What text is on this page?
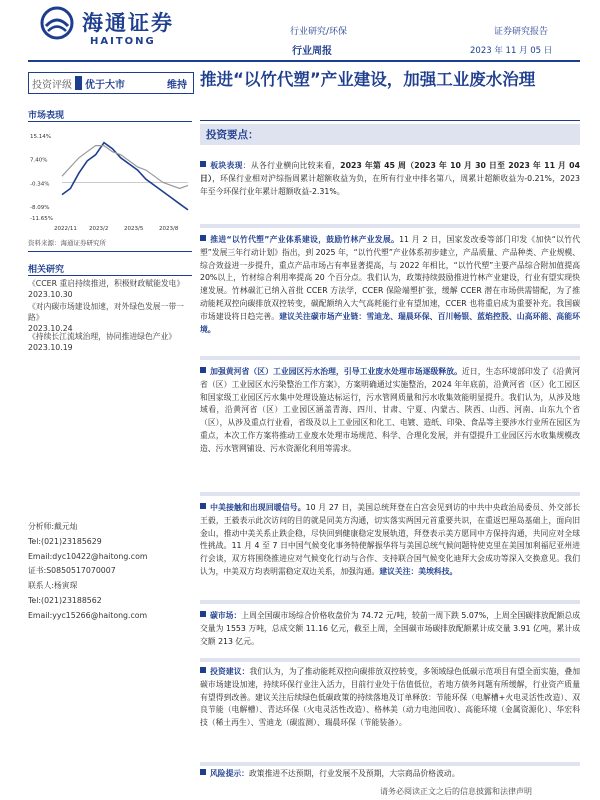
海通证券
HAITONG
行业研究/环保
行业周报
证券研究报告
2023 年 11 月 05 日
投资评级	优于大市	维持 推进“以竹代塑”产业建设，加强工业废水治理
市场表现
15.14%
7.40%
-0.34%
-8.09%
-11.65%
2022/11 2023/2	2023/5	2023/8
资料来源：海通证券研究所
相关研究
《CCER 重启持续推进，积极财政赋能发电》
2023.10.30
《对内碳市场建设加速，对外绿色发展一带一路》
2023.10.24
《持续长江流域治理，协同推进绿色产业》
2023.10.19
分析师:戴元灿
Tel:(021)23185629
Email:dyc10422@haitong.com
证书:S0850517070007
联系人:杨寅琛
Tel:(021)23188562
Email:yyc15266@haitong.com
投资要点：
板块表现：从各行业横向比较来看，2023 年第 45 周（2023 年 10 月 30 日至 2023 年 11 月 04 日），环保行业相对沪综指周累计超额收益为负，在所有行业中排名第八，周累计超额收益为-0.21%，2023 年至今环保行业年累计超额收益-2.31%。
推进“以竹代塑”产业体系建设，鼓励竹林产业发展。11 月 2 日，国家发改委等部门印发《加快“以竹代塑”发展三年行动计划》指出，到 2025 年，“以竹代塑”产业体系初步建立，产品质量、产品种类、产业规模、综合效益进一步提升，重点产品市场占有率显著提高，与 2022 年相比，“以竹代塑”主要产品综合附加值提高 20%以上，竹材综合利用率提高 20 个百分点。我们认为，政策持续鼓励推进竹林产业建设，行业有望实现快速发展。竹林碳汇已纳入首批 CCER 方法学，CCER 保险端塑扩张，缓解 CCER 潜在市场供需错配，为了推动能耗双控向碳排放双控转变，碳配额纳入大气高耗能行业有望加速，CCER 也将重启成为重要补充。我国碳市场建设将日趋完善。建议关注碳市场产业链：雪迪龙、瑞晨环保、百川畅银、蓝焰控股、山高环能、高能环境。
加强黄河省（区）工业园区污水治理，引导工业废水处理市场逐级释放。近日，生态环境部印发了《沿黄河省（区）工业园区水污染整治工作方案》，方案明确通过实施整治，2024 年年底前，沿黄河省（区）化工园区和国家级工业园区污水集中处理设施达标运行，污水管网质量和污水收集效能明显提升。我们认为，从涉及地域看，沿黄河省（区）工业园区涵盖青海、四川、甘肃、宁夏、内蒙古、陕西、山西、河南、山东九个省（区），从涉及重点行业看，省级及以上工业园区和化工、电镀、造纸、印染、食品等主要涉水行业所在园区为重点，本次工作方案将推动工业废水处理市场规范、科学、合理化发展，并有望提升工业园区污水收集规模改造、污水管网铺设、污水资源化利用等需求。
中美接触和出现回暖信号。10 月 27 日，美国总统拜登在白宫会见到访的中共中央政治局委员、外交部长王毅，王毅表示此次访问的目的就是同美方沟通，切实落实两国元首重要共识，在重返巴厘岛基础上，面向旧金山，推动中美关系止跌企稳，尽快回到健康稳定发展轨道，拜登表示美方愿同中方保持沟通，共同应对全球性挑战。11 月 4 至 7 日中国气候变化事务特使解振华将与美国总统气候问题特使克里在美国加利福尼亚州进行会谈，双方将围绕推进应对气候变化行动与合作、支持联合国气候变化迪拜大会成功等深入交换意见。我们认为，中美双方均表明需稳定双边关系，加强沟通。建议关注：美埃科技。
碳市场：上周全国碳市场综合价格收盘价为 74.72 元/吨，较前一周下跌 5.07%，上周全国碳排放配额总成交量为 1553 万吨，总成交额 11.16 亿元，截至上周，全国碳市场碳排放配额累计成交量 3.91 亿吨，累计成交额 213 亿元。
投资建议：我们认为，为了推动能耗双控向碳排放双控转变，多领域绿色低碳示范项目有望全面实施，叠加碳市场建设加速，持续环保行业注入活力，目前行业处于估值低位，若地方债务问题有所缓解，行业资产质量有望得到改善。建议关注后续绿色低碳政策的持续落地及订单释放：节能环保（电解槽+火电灵活性改造）、双良节能（电解槽）、青达环保（火电灵活性改造）、格林美（动力电池回收）、高能环境（金属资源化）、华宏科技（稀土再生）、雪迪龙（碳监测）、瑞晨环保（节能装备）。
风险提示：政策推进不达预期，行业发展不及预期，大宗商品价格波动。
请务必阅读正文之后的信息披露和法律声明
